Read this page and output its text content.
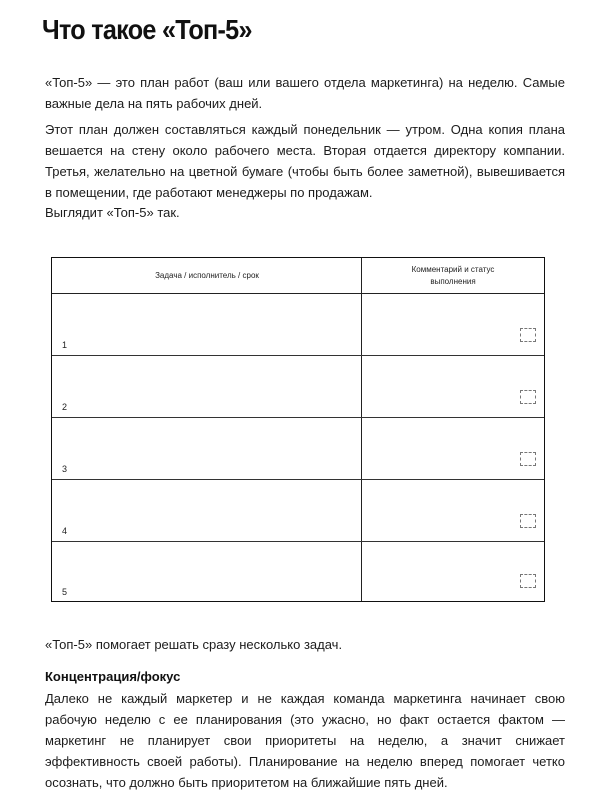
Что такое «Топ-5»

«Топ-5» — это план работ (ваш или вашего отдела маркетинга) на неделю. Самые важные дела на пять рабочих дней.

Этот план должен составляться каждый понедельник — утром. Одна копия плана вешается на стену около рабочего места. Вторая отдается директору компании. Третья, желательно на цветной бумаге (чтобы быть более заметной), вывешивается в помещении, где работают менеджеры по продажам.

Выглядит «Топ-5» так.

Задача / исполнитель / срок
Комментарий и статус выполнения
1
2
3
4
5

«Топ-5» помогает решать сразу несколько задач.

Концентрация/фокус

Далеко не каждый маркетер и не каждая команда маркетинга начинает свою рабочую неделю с ее планирования (это ужасно, но факт остается фактом — маркетинг не планирует свои приоритеты на неделю, а значит снижает эффективность своей работы). Планирование на неделю вперед помогает четко осознать, что должно быть приоритетом на ближайшие пять дней.
